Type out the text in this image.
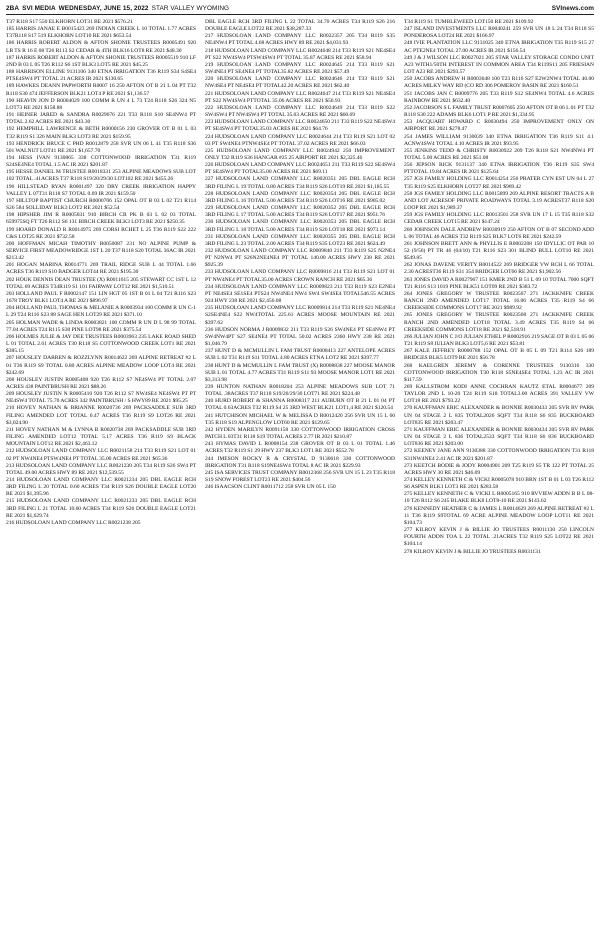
2BA SVI MEDIA WEDNESDAY, JUNE 15, 2022 STAR VALLEY WYOMING	SVInews.com

T37 R118 S17 550 ELKHORN LOT31 BE 2021 $576.21

185 HARRIS JANAE E B0015423 269 INDIAN CREEK L 10 TOTAL 1.77 ACRES T37R118 S17 519 ELKHORN LOT10 RE 2021 $653.54

186 HARRIS ROBERT ALDON & AFTON SHONIE TRUSTEES R0005491 920 LB TS R 16 E 08 T26 R113 S2 CEDAR & 4TH BLK16 LOT8 RE 2021 $48.30

187 HARRIS ROBERT ALDON & AFTON SHONIE TRUSTEES R0005519 910 LF 2ND B 03 L 05 T26 R112 S6 1ST BLK3 LOT5 RE 2021 $45.25

188 HARRISON ELLINE 9131106 340 ETNA IRRIGATION T36 R119 S34 S4SE4 PTSE4SW4 PT TOTAL 21 ACRES IR 2021 $130.65

189 HAWKES DEANN PAPWORTH R0007 16 250 AFTON OT B 21 L 04 PT T32 R118 S30 474 JEFFERSON BLK21 LOT4 P RE 2021 $1,136.57

190 HEAVIN JON D R0004029 100 COMM R UN 4 L 73 T24 R118 S26 324 N5 LOT73 RE 2021 $158.88

191 HEINER JARED & SANDRA R0029676 221 T33 R118 S10 SE4NW4 PT TOTAL 2.62 ACRES RE 2021 $43.30

192 HEMPHILL LAWRENCE & BETH R0000156 230 GROVER OT B 01 L 03 T32 R119 S1 326 MAIN BLK3 LOT3 RE 2021 $159.95

193 HENDRICK BRUCE C PHD R0012879 258 SVR UN 06 L 41 T35 R118 S36 501 WALNUT LOT41 RE 2021 $1,657.70

194 HESS IVAN 9130865 338 COTTONWOOD IRRIGATION T31 R119 S24SE4NE4 TOTAL 1.5 AC IR 2021 $201.87

195 HESSE DANIEL M TRUSTEE R0018331 253 ALPINE MEADOWS SUB LOT 102 TOTAL .41ACRES T37 R118 S19/20/29/30 LOT102 RE 2021 $455.26

196 HILLSTEAD RYAN R0001497 320 DRY CREEK IRRIGATION HAPPY VALLEY L 07T31 R118 S7 TOTAL 0.69 IR 2021 $159.50

197 HILLTOP BAPTIST CHURCH R0000706 152 OPAL OT B 03 L 02 T21 R114 S26 584 SOLLIDAY BLK3 LOT2 RE 2021 $52.54

198 HIPSHER JIM R R0005031 910 BIRCH CR PK B 03 L 02 03 TOTAL 659975SQ FT T26 R112 S6 131 BIRCH CREEK BLK3 LOT3 RE 2021 $250.35

199 HOARD DONALD R R0014975 269 CORSI RCHET L 25 T36 R119 S22 222 C&S LOT25 RE 2021 $732.58

200 HOFFMAN MICAH TIMOTHY R0050087 231 NO ALPINE PUMP & SERVICE FIRST MEADOWRIDGE 1ST L 20 T37 R118 S20 TOTAL 36AC IR 2021 $213.42

201 HOGAN MARINA R0014771 269 TRAIL RIDGE SUB L 44 TOTAL 1.66 ACRES T36 R119 S10 BADGER LOT44 RE 2021 $195.30

202 HOUK DENNIS DEAN TRUSTEE (X) R0011615 205 STEWART CC 1ST L 12 TOTAL 69 ACRES T34R119 S1 101 FAIRWAY LOT12 RE 2021 $1,510.51

203 HOLLAND PAUL F R0002147 151 LIN HGT 05 1ST B 01 L 04 T21 R116 S23 1678 TROY BLK1 LOT4 A RE 2021 $896.97

204 HOLLAND PAUL THOMAS & MELANIE A R0003934 100 COMM R UN C-1 L 29 T24 R116 S23 88 SAGE HEN LOT29 RE 2021 $371.10

205 HOLMAN WADE & LINDA R0003821 100 COMM R UN D L 98 99 TOTAL 77.04 ACRES T24 R115 S30 PINE LOT98 RE 2021 $375.54

206 HOLMES JULIE & JAY DEE TRUSTEES R0003963 235 LAKE ROAD SHED L 01 TOTAL 2.61 ACRES T30 R118 S5 COTTONWOOD CREEK LOT1 RE 2021 $385.15

207 HOUSLEY DARREN & ROZZLYNN R0014622 269 ALPINE RETREAT #2 L 01 T36 R119 S9 TOTAL 0.80 ACRES ALPINE MEADOW LOOP LOT4 RE 2021 $242.69

208 HOUSLEY JUSTIN R0005408 920 T26 R112 S7 NE4SW4 PT TOTAL 2.07 ACRES 438 PAINTBRUSH RE 2021 $88.26

209 HOUSLEY JUSTIN N R0005410 920 T26 R112 S7 NW4SE4 NE4SW4 PT PT NE4SW4 TOTAL 75.70 ACRES 342 PAINTBRUSH / S HWY89 RE 2021 $95.25

210 HOVEY NATHAN & BRIANNE R0020736 269 PACKSADDLE SUB 3RD FILING AMENDED LOT TOTAL 0.47 ACRES T36 R119 S9 LOT26 RE 2021 $3,024.90

211 HOVEY NATHAN M & LYNNA B R0020738 269 PACKSADDLE SUB 3RD FILING AMENDED LOT12 TOTAL 5.17 ACRES T36 R119 S9 BLACK MOUNTAIN LOT12 RE 2021 $2,463.12

212 HUDSOLOAN LAND COMPANY LLC R0021158 214 T33 R119 S21 LOT 01 02 PT NW4NE4 PTSW4NE4 PT TOTAL 35.00 ACRES RE 2021 $65.36

213 HUDSOLOAN LAND COMPANY LLC R0021230 205 T34 R119 S26 SW4 PT TOTAL 49.00 ACRES HWY 89 RE 2021 $12,539.55

214 HUDSOLOAN LAND COMPANY LLC R0021234 205 DBL EAGLE RCH 3RD FILING L 20 TOTAL 0.60 ACRES T34 R119 S26 DOUBLE EAGLE LOT20 RE 2021 $1,395.96

215 HUDSOLOAN LAND COMPANY LLC R0021233 205 DBL EAGLE RCH 3RD FILING L 21 TOTAL 10.60 ACRES T34 R119 S26 DOUBLE EAGLE LOT21 RE 2021 $1,629.74

216 HUDSOLOAN LAND COMPANY LLC R0021238 205

DBL EAGLE RCH 3RD FILING L 22 TOTAL 34.70 ACRES T34 R119 S26 216 DOUBLE EAGLE LOT22 RE 2021 $38,287.33

217 HUDSOLOAN LAND COMPANY LLC R0022357 205 T34 R119 S35 NE4NW4 PT TOTAL 4.68 ACRES HWY 89 RE 2021 $4,031.93

218 HUDSOLOAN LAND COMPANY LLC R0024648 214 T33 R119 S21 NE4SE4 PT S22 NW4SW4 PTSW4SW4 PT TOTAL 35.87 ACRES RE 2021 $58.94

219 HUDSOLOAN LAND COMPANY LLC R0024645 214 T33 R119 S21 SW4NE4 PT SE4NE4 PT TOTAL35.82 ACRES RE 2021 $57.49

220 HUDSOLOAN LAND COMPANY LLC R0024646 214 T33 R119 S21 NW4SE4 PT NE4SE4 PT TOTAL42.20 ACRES RE 2021 $62.40

221 HUDSOLOAN LAND COMPANY LLC R0024647 214 T33 R119 S21 NE4SE4 PT S22 NW4SW4 PTTOTAL 35.06 ACRES RE 2021 $56.93

222 HUDSOLOAN LAND COMPANY LLC R0024649 214 T33 R119 S22 SW4SW4 PT NW4SW4 PT TOTAL 35.03 ACRES RE 2021 $60.69

223 HUDSOLOAN LAND COMPANY LLC R0024650 211 T33 R119 S22 NE4SW4 PT SE4SW4 PT TOTAL35.03 ACRES RE 2021 $64.76

224 HUDSOLOAN LAND COMPANY LLC R0024644 214 T33 R119 S21 LOT 02 03 PT SW4NE4 PTNW4SE4 PT TOTAL 37.02 ACRES RE 2021 $66.03

225 HUDSOLOAN LAND COMPANY LLC R0024942 250 IMPROVEMENT ONLY T32 R119 S36 HANGAR #25 25 AIRPORT RE 2021 $2,325.46

226 HUDSOLOAN LAND COMPANY LLC R0024651 211 T33 R119 S22 SE4SW4 PT SE4SW4 PT TOTAL35.00 ACRES RE 2021 $69.11

227 HUDSOLOAN LAND COMPANY LLC R0020351 205 DBL EAGLE RCH 3RD FILING L 19 TOTAL 0.80 ACRES T34 R119 S26 LOT19 RE 2021 $1,185.55

228 HUDSOLOAN LAND COMPANY LLC R0020354 205 DBL EAGLE RCH 3RD FILING L 16 TOTAL 5.00 ACRES T34 R119 S26 LOT16 RE 2021 $905.02

229 HUDSOLOAN LAND COMPANY LLC R0020352 205 DBL EAGLE RCH 3RD FILING L 17 TOTAL 5.00 ACRES T34 R119 S26 LOT17 RE 2021 $951.76

230 HUDSOLOAN LAND COMPANY LLC R0020353 205 DBL EAGLE RCH 3RD FILING L 18 TOTAL 5.00 ACRES T34 R119 S26 LOT18 RE 2021 $973.14

231 HUDSOLOAN LAND COMPANY LLC R0020355 205 DBL EAGLE RCH 3RD FILING L 23 TOTAL 2.00 ACRES T34 R119 S35 LOT23 RE 2021 $624.49

232 HUDSOLOAN LAND COMPANY LLC R0009840 211 T33 R119 S25 N2NE4 PT N2NW4 PT S26N2NE4NE4 PT TOTAL 140.00 ACRES HWY 238 RE 2021 $925.39

233 HUDSOLOAN LAND COMPANY LLC R0009816 214 T33 R119 S21 LOT 01 PT NW4NE4 PT TOTAL35.00 ACRES CROWN RANCH RE 2021 $65.36

234 HUDSOLOAN LAND COMPANY LLC R0009823 211 T33 R119 S23 E2NE4 PT NE4SE4 SE1SE4 PTS24 NW4NE4 NW4 SW4 SW4SE4 TOTAL546.55 ACRES 924 HWY 238 RE 2021 $2,456.08

235 HUDSOLOAN LAND COMPANY LLC R0009814 214 T33 R119 S21 NE4NE4 S2SE4NE4 S22 NW4TOTAL 225.61 ACRES MOOSE MOUNTAIN RE 2021 $397.62

236 HUDSON NORMA J R0009832 211 T33 R119 S26 SW4NE4 PT SE4NW4 PT SW4NW4PT S27 SE4NE4 PT TOTAL 50.02 ACRES 2360 HWY 238 RE 2021 $1,046.79

237 HUNT D & MCMULLIN L FAM TRUST R0008413 227 ANTELOPE ACRES SUB L 02 T31 R119 S11 TOTAL 4.80 ACRES ETNA LOT2 RE 2021 $397.77

238 HUNT D & MCMULLIN L FAM TRUST (X) R0008838 227 MOOSE MANOR SUB L 01 TOTAL 4.77 ACRES T31 R119 S11 93 MOOSE MANOR LOT1 RE 2021 $3,313.98

239 HUNTON NATHAN R0018204 253 ALPINE MEADOWS SUB LOT 71 TOTAL .38ACRES T37 R118 S19/20/29/30 LOT71 RE 2021 $224.48

240 HURD ROBERT & SHANNA R0008317 211 AUBURN OT B 21 L 01 04 PT TOTAL 0.63ACRES T32 R119 S4 25 3RD WEST BLK21 LOT1,4 RE 2021 $120.54

241 HUTCHISON MICHAEL W & MELISSA D R0012420 256 SVR UN 15 L 60 T35 R118 S19 ALPENGLOW LOT60 RE 2021 $129.65

242 HYDEN MARILYN R0091158 330 COTTONWOOD IRRIGATION CROSS PATCH L 03T31 R118 S19 TOTAL ACRES 2.77 IR 2021 $210.87

243 HYMAS DAVID L R0008154 238 GROVER OT B 03 L 01 TOTAL 1.46 ACRES T32 R119 S1 29 HWY 237 BLK3 LOT1 RE 2021 $552.78

244 IMESON ROCKY R & CRYSTAL D 9130618 330 COTTONWOOD IRRIGATION T31 R118 S19NE4SW4 TOTAL 8 AC IR 2021 $229.93

245 ISA SERVICES TRUST COMPANY R0012368 256 SVR UN 15 L 23 T35 R118 S19 SNOW FOREST LOT23 RE 2021 $404.56

246 ISAACSON CLINT R0011712 258 SVR UN 05 L 150

T34 R119 S1 TUMBLEWEED LOT150 RE 2021 $109.92

247 ISLAND INVESTMENTS LLC R0040241 259 SVR UN 18 L 24 T34 R118 S5 PONDEROSA LOT24 RE 2021 $166.97

248 IVIE PLANTATION LLC 9131025 340 ETNA IRRIGATION T35 R119 S15 27 AC PTE2NE4 TOTAL 27.00 ACRES IR 2021 $156.54

249 J & J WILSON LLC R0027021 205 STAR VALLEY STORAGE CONDO UNIT A23 WITH1/50TH INTEREST IN COMMON AREA T34 R119S11 205 FRIESIAN LOT A23 RE 2021 $293.57

250 JACOBS ANDREW H R0003648 100 T23 R116 S27 E2W2NW4 TOTAL 40.00 ACRES MILKY WAY RD (CO RD 306 POMEROY BASIN RE 2021 $160.51

251 JACOBS JAN C R0009776 205 T33 R119 S12 SE4NW4 TOTAL 4.6 ACRES RAINBOW RE 2021 $632.40

252 JACOBSON S L FAMILY TRUST R0007605 250 AFTON OT B 06 L 01 PT T32 R118 S30 222 ADAMS BLK6 LOT1 P RE 2021 $1,334.95

253 JACQUART HOWARD C R0030494 250 IMPROVEMENT ONLY ON AIRPORT RE 2021 $278.47

254 JAMES WILLIAM 9130039 340 ETNA IRRIGATION T36 R119 S11 4.1 ACNW4SW4 TOTAL 4.10 ACRES IR 2021 $93.95

255 JENKINS TEDD & CHRISTY R0030922 209 T26 R118 S21 NW4NW4 PT TOTAL 5.00 ACRES RE 2021 $51.08

256 JEPSON RICK 9131137 340 ETNA IRRIGATION T36 R119 S35 SW4 PTTOTAL 19.84 ACRES IR 2021 $125.64

257 JGS FAMILY HOLDING LLC R0014254 256 PRATER CYN EST UN 04 L 27 T35 R119 S25 ELKHORN LOT27 RE 2021 $969.42

258 JGS FAMILY HOLDING LLC R0015899 269 ALPINE RESORT TRACTS A B AND LOT ACRESOF PRIVATE ROADWAYS TOTAL 3.19 ACREST37 R118 S20 LOOP RE 2021 $1,989.37

259 JGS FAMILY HOLDING LLC R0013501 258 SVR UN 17 L 15 T35 R118 S32 CEDAR CREEK LOT15 RE 2021 $147.24

260 JOHNSON DALE ANDREW R0030919 250 AFTON OT B 07 SECOND ADD L 06 TOTAL 46 ACRES T32 R119 S25 BLK7 LOT6 RE 2021 $242.59

261 JOHNSON BRETT ANN & PHYLLIS E R0002208 150 IDYLLIC OT PAR 10 52 (9/56) PT TR 46 (04/10) T21 R116 S23 301 BLIND BULL LOT10 RE 2021 $549.85

262 JONAS DAVENE VERITY R0014522 269 BRIDGER VW RCH L 66 TOTAL 2.30 ACREST36 R119 S31 354 BRIDGER LOT66 RE 2021 $1,902.56

263 JONES DAVID A R0027967 151 KMER 2ND B 51 L 09 10 TOTAL 7000 SQFT T21 R116 S13 1019 PINE BLK51 LOT09 RE 2021 $383.72

264 JONES GREGORY W TRUSTEE R0023567 271 JACKKNIFE CREEK RANCH 2ND AMENDED LOT17 TOTAL 16.06 ACRES T35 R119 S4 66 CREEKSIDE COMMONS LOT17 RE 2021 $989.92

265 JONES GREGORY W TRUSTEE R0023568 271 JACKKNIFE CREEK RANCH 2ND AMENDED LOT18 TOTAL 3.49 ACRES T35 R119 S4 66 CREEKSIDE COMMONS LOT18 RE 2021 $2,518.91

266 JULIAN JOHN C J/O JULIAN ETHEL P R0002916 219 SAGE OT B 03 L 05 06 T21 R119 S8 JULIAN BLK3 LOT5,6 RE 2021 $53.81

267 KALE JEFFREY R0000788 152 OPAL OT B 05 L 09 T21 R114 S26 189 BRIDGES BLK5 LOT9 RE 2021 $56.78

268 KAELGREN JEREMY & CORENNE TRUSTEES 9130316 330 COTTONWOOD IRRIGATION T30 R118 S5NE4SE4 TOTAL 1.23 AC IR 2021 $117.59

269 KALLSTROM KODI ANNE COCHRAN KAUTZ ETAL R0004677 209 TAYLOR 2ND L 10-20 T24 R119 S18 TOTAL3.00 ACRES 391 VALLEY VW LOT18 RE 2021 $793.22

270 KAUFFMAN ERIC ALEXANDER & BONNIE R0030433 205 SVR RV PARK UN 04 STAGE 2 L 835 TOTAL2026 SQFT T34 R118 S6 835 BUCKBOARD LOT835 RE 2021 $203.47

271 KAUFFMAN ERIC ALEXANDER & BONNIE R0030434 205 SVR RV PARK UN 04 STAGE 2 L 836 TOTAL2533 SQFT T34 R118 S6 836 BUCKBOARD LOT836 RE 2021 $203.00

272 KEENEY JANE ANN 9130388 330 COTTONWOOD IRRIGATION T31 R118 S31NW4NE4 2.41 AC IR 2021 $201.87

273 KEETCH BODIE & JODY R0004901 209 T25 R119 S5 TR 122 PT TOTAL 25 ACRES HWY 30 RE 2021 $46.09

274 KELLEY KENNETH C & VICKI R0005078 910 BRN 1ST B 01 L 03 T26 R112 S6 ASPEN BLK1 LOT3 RE 2021 $283.58

275 KELLEY KENNETH C & VICKI L R0005165 910 RVVIEW ADDN B B L 08-10 T26 R112 S6 245 BLAKE BLK8 LOT8-10 RE 2021 $143.62

276 KENNEDY HEATHER C & JAMES L R0014629 269 ALPINE RETREAT #2 L 11 T36 R119 S9TOTAL 69 ACRE ALPINE MEADOW LOOP LOT11 RE 2021 $104.73

277 KILROY KEVIN J & BILLIE JO TRUSTEES R0011130 250 LINCOLN FOURTH ADDN TOA L 22 TOTAL .21ACRES T32 R119 S25 LOT22 RE 2021 $104.14

278 KILROY KEVIN J & BILLIE JO TRUSTEES R0031131
